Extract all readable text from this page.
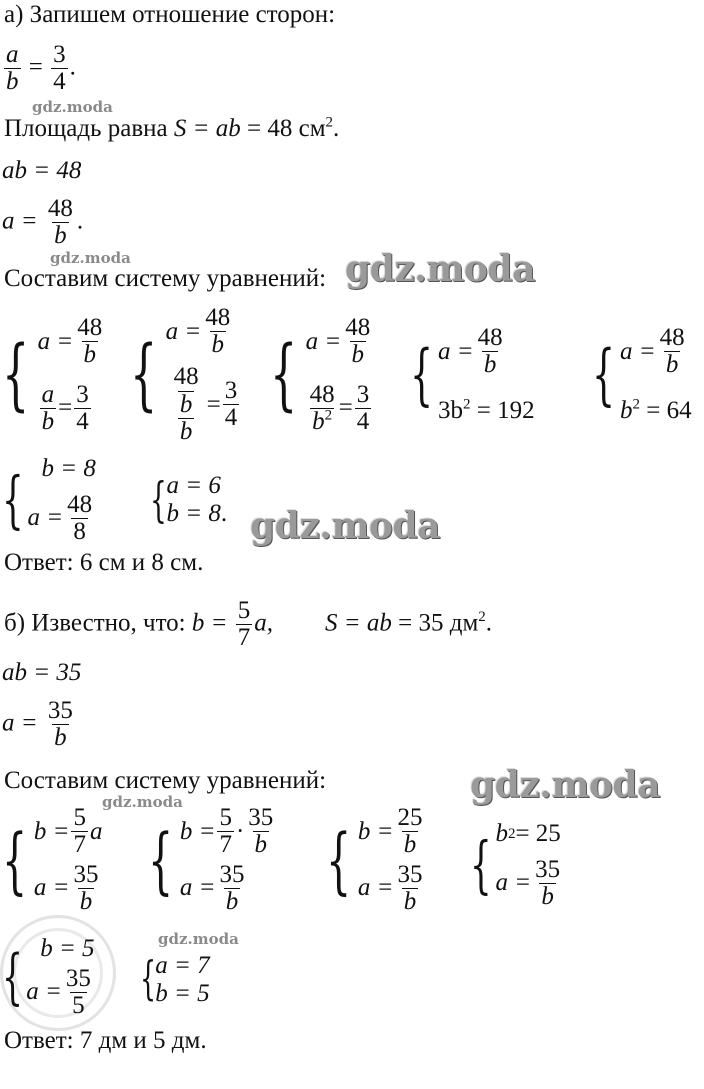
а) Запишем отношение сторон:
$\frac{a}{b} = \frac{3}{4}$ .
gdz.moda
Площадь равна S = ab = 48 $см^2$.
ab = 48
$a = \frac{48}{b}$ .
gdz.moda
Составим систему уравнений: gdz.moda
{ $a = \frac{48}{b}$
$\frac{a}{b} = \frac{3}{4}$ { $a = \frac{48}{b}$
$\frac{\frac{48}{b}}{b} = \frac{3}{4}$ { $a = \frac{48}{b}$
$\frac{48}{b^2} = \frac{3}{4}$ { $a = \frac{48}{b}$
$3b^2 = 192$ { $a = \frac{48}{b}$
$b^2 = 64$
{ b = 8
$a = \frac{48}{8}$ { a = 6
b = 8 . gdz.moda
Ответ: 6 см и 8 см.
б) Известно, что: $b = \frac{5}{7} a$, S = ab = 35 $дм^2$.
ab = 35
$a = \frac{35}{b}$
Составим систему уравнений:	gdz.moda
gdz.moda
{ $b = \frac{5}{7}$ a
$a = \frac{35}{b}$ { $b = \frac{5}{7} \cdot \frac{35}{b}$
$a = \frac{35}{b}$ { $b = \frac{25}{b}$
$a = \frac{35}{b}$ { b 2 = 25
$a = \frac{35}{b}$
{ b = 5
$a = \frac{35}{5}$
gdz.moda
{ a = 7
b = 5
Ответ: 7 дм и 5 дм.
